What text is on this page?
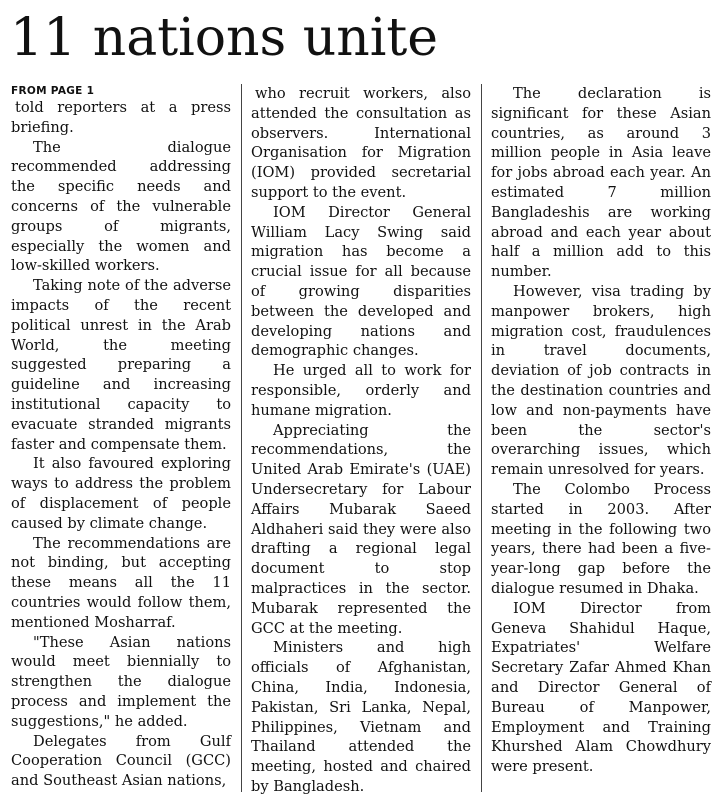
11 nations unite
FROM PAGE 1

told reporters at a press briefing.

The dialogue recommended addressing the specific needs and concerns of the vulnerable groups of migrants, especially the women and low-skilled workers.

Taking note of the adverse impacts of the recent political unrest in the Arab World, the meeting suggested preparing a guideline and increasing institutional capacity to evacuate stranded migrants faster and compensate them.

It also favoured exploring ways to address the problem of displacement of people caused by climate change.

The recommendations are not binding, but accepting these means all the 11 countries would follow them, mentioned Mosharraf.

"These Asian nations would meet biennially to strengthen the dialogue process and implement the suggestions," he added.

Delegates from Gulf Cooperation Council (GCC) and Southeast Asian nations,

who recruit workers, also attended the consultation as observers. International Organisation for Migration (IOM) provided secretarial support to the event.

IOM Director General William Lacy Swing said migration has become a crucial issue for all because of growing disparities between the developed and developing nations and demographic changes.

He urged all to work for responsible, orderly and humane migration.

Appreciating the recommendations, the United Arab Emirate's (UAE) Undersecretary for Labour Affairs Mubarak Saeed Aldhaheri said they were also drafting a regional legal document to stop malpractices in the sector. Mubarak represented the GCC at the meeting.

Ministers and high officials of Afghanistan, China, India, Indonesia, Pakistan, Sri Lanka, Nepal, Philippines, Vietnam and Thailand attended the meeting, hosted and chaired by Bangladesh.

The declaration is significant for these Asian countries, as around 3 million people in Asia leave for jobs abroad each year. An estimated 7 million Bangladeshis are working abroad and each year about half a million add to this number.

However, visa trading by manpower brokers, high migration cost, fraudulences in travel documents, deviation of job contracts in the destination countries and low and non-payments have been the sector's overarching issues, which remain unresolved for years.

The Colombo Process started in 2003. After meeting in the following two years, there had been a five-year-long gap before the dialogue resumed in Dhaka.

IOM Director from Geneva Shahidul Haque, Expatriates' Welfare Secretary Zafar Ahmed Khan and Director General of Bureau of Manpower, Employment and Training Khurshed Alam Chowdhury were present.
